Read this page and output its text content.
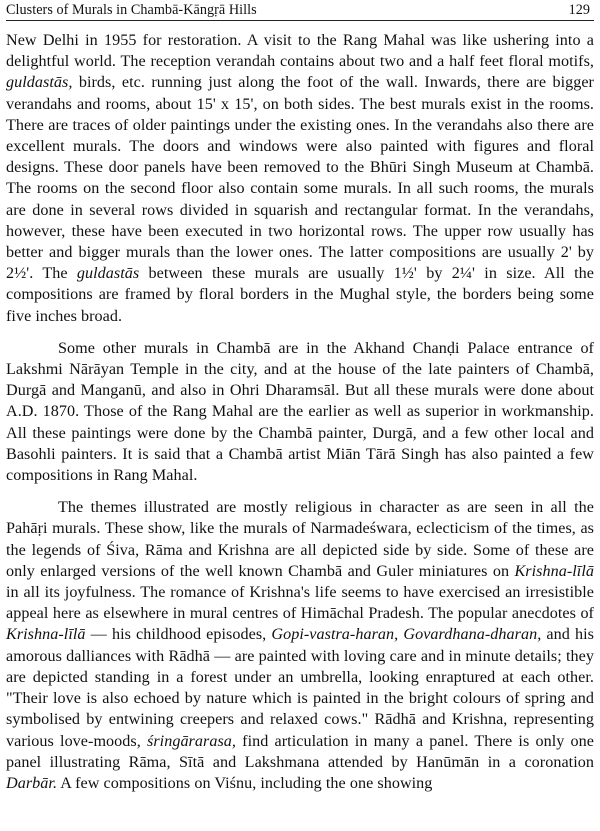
Clusters of Murals in Chambā-Kāngṛā Hills	129

New Delhi in 1955 for restoration. A visit to the Rang Mahal was like ushering into a delightful world. The reception verandah contains about two and a half feet floral motifs, guldastās, birds, etc. running just along the foot of the wall. Inwards, there are bigger verandahs and rooms, about 15' x 15', on both sides. The best murals exist in the rooms. There are traces of older paintings under the existing ones. In the verandahs also there are excellent murals. The doors and windows were also painted with figures and floral designs. These door panels have been removed to the Bhūri Singh Museum at Chambā. The rooms on the second floor also contain some murals. In all such rooms, the murals are done in several rows divided in squarish and rectangular format. In the verandahs, however, these have been executed in two horizontal rows. The upper row usually has better and bigger murals than the lower ones. The latter compositions are usually 2' by 2½'. The guldastās between these murals are usually 1½' by 2¼' in size. All the compositions are framed by floral borders in the Mughal style, the borders being some five inches broad.

Some other murals in Chambā are in the Akhand Chanḍi Palace entrance of Lakshmi Nārāyan Temple in the city, and at the house of the late painters of Chambā, Durgā and Manganū, and also in Ohri Dharamsāl. But all these murals were done about A.D. 1870. Those of the Rang Mahal are the earlier as well as superior in workmanship. All these paintings were done by the Chambā painter, Durgā, and a few other local and Basohli painters. It is said that a Chambā artist Miān Tārā Singh has also painted a few compositions in Rang Mahal.

The themes illustrated are mostly religious in character as are seen in all the Pahāṛi murals. These show, like the murals of Narmadeśwara, eclecticism of the times, as the legends of Śiva, Rāma and Krishna are all depicted side by side. Some of these are only enlarged versions of the well known Chambā and Guler miniatures on Krishna-līlā in all its joyfulness. The romance of Krishna's life seems to have exercised an irresistible appeal here as elsewhere in mural centres of Himāchal Pradesh. The popular anecdotes of Krishna-līlā — his childhood episodes, Gopi-vastra-haran, Govardhana-dharan, and his amorous dalliances with Rādhā — are painted with loving care and in minute details; they are depicted standing in a forest under an umbrella, looking enraptured at each other. "Their love is also echoed by nature which is painted in the bright colours of spring and symbolised by entwining creepers and relaxed cows." Rādhā and Krishna, representing various love-moods, śringārarasa, find articulation in many a panel. There is only one panel illustrating Rāma, Sītā and Lakshmana attended by Hanūmān in a coronation Darbār. A few compositions on Viśnu, including the one showing
